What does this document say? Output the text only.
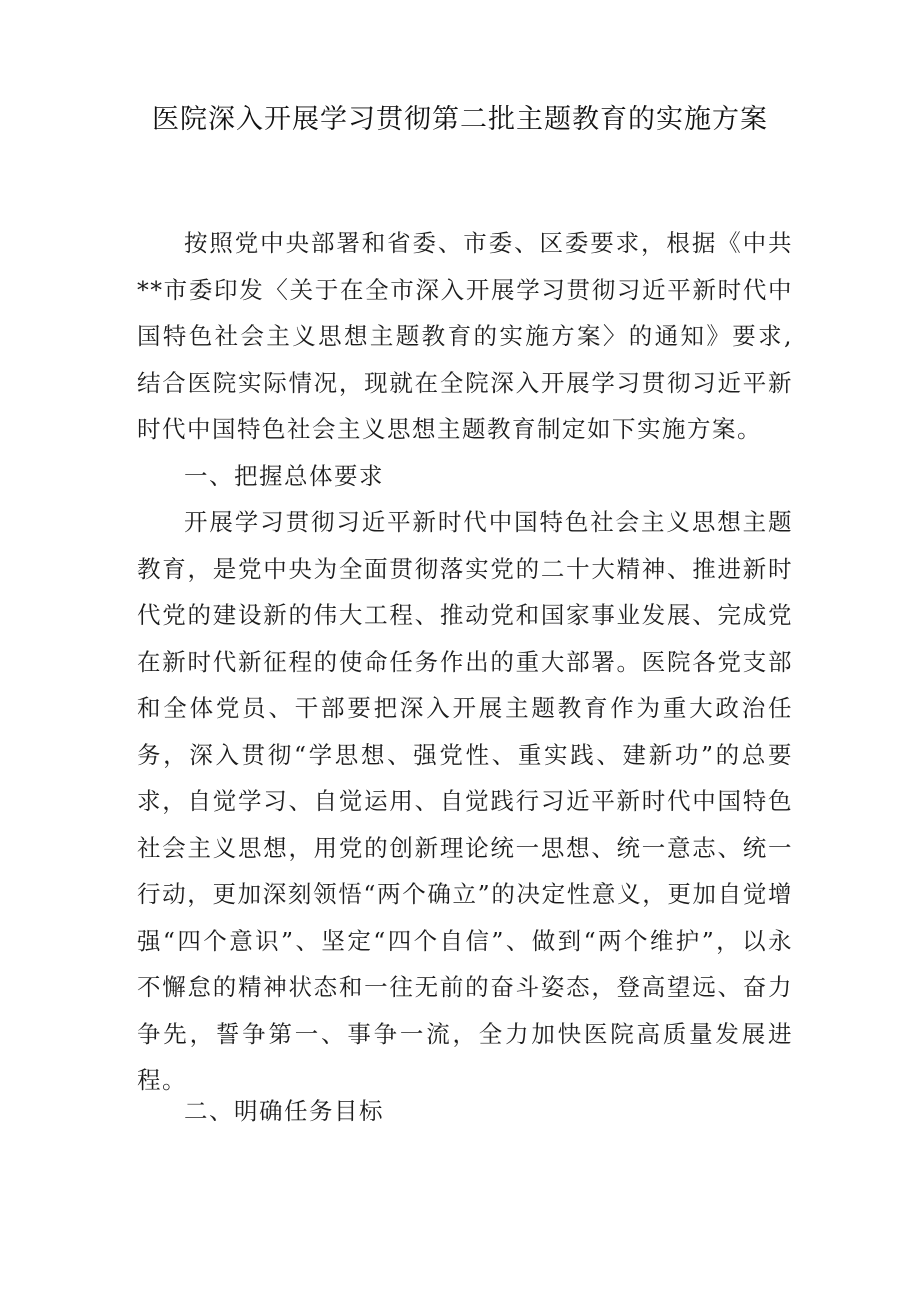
医院深入开展学习贯彻第二批主题教育的实施方案

按照党中央部署和省委、市委、区委要求，根据《中共**市委印发〈关于在全市深入开展学习贯彻习近平新时代中国特色社会主义思想主题教育的实施方案〉的通知》要求,结合医院实际情况，现就在全院深入开展学习贯彻习近平新时代中国特色社会主义思想主题教育制定如下实施方案。

一、把握总体要求

开展学习贯彻习近平新时代中国特色社会主义思想主题教育，是党中央为全面贯彻落实党的二十大精神、推进新时代党的建设新的伟大工程、推动党和国家事业发展、完成党在新时代新征程的使命任务作出的重大部署。医院各党支部和全体党员、干部要把深入开展主题教育作为重大政治任务，深入贯彻“学思想、强党性、重实践、建新功”的总要求，自觉学习、自觉运用、自觉践行习近平新时代中国特色社会主义思想，用党的创新理论统一思想、统一意志、统一行动，更加深刻领悟“两个确立”的决定性意义，更加自觉增强“四个意识”、坚定“四个自信”、做到“两个维护”，以永不懈怠的精神状态和一往无前的奋斗姿态，登高望远、奋力争先，誓争第一、事争一流，全力加快医院高质量发展进程。

二、明确任务目标
